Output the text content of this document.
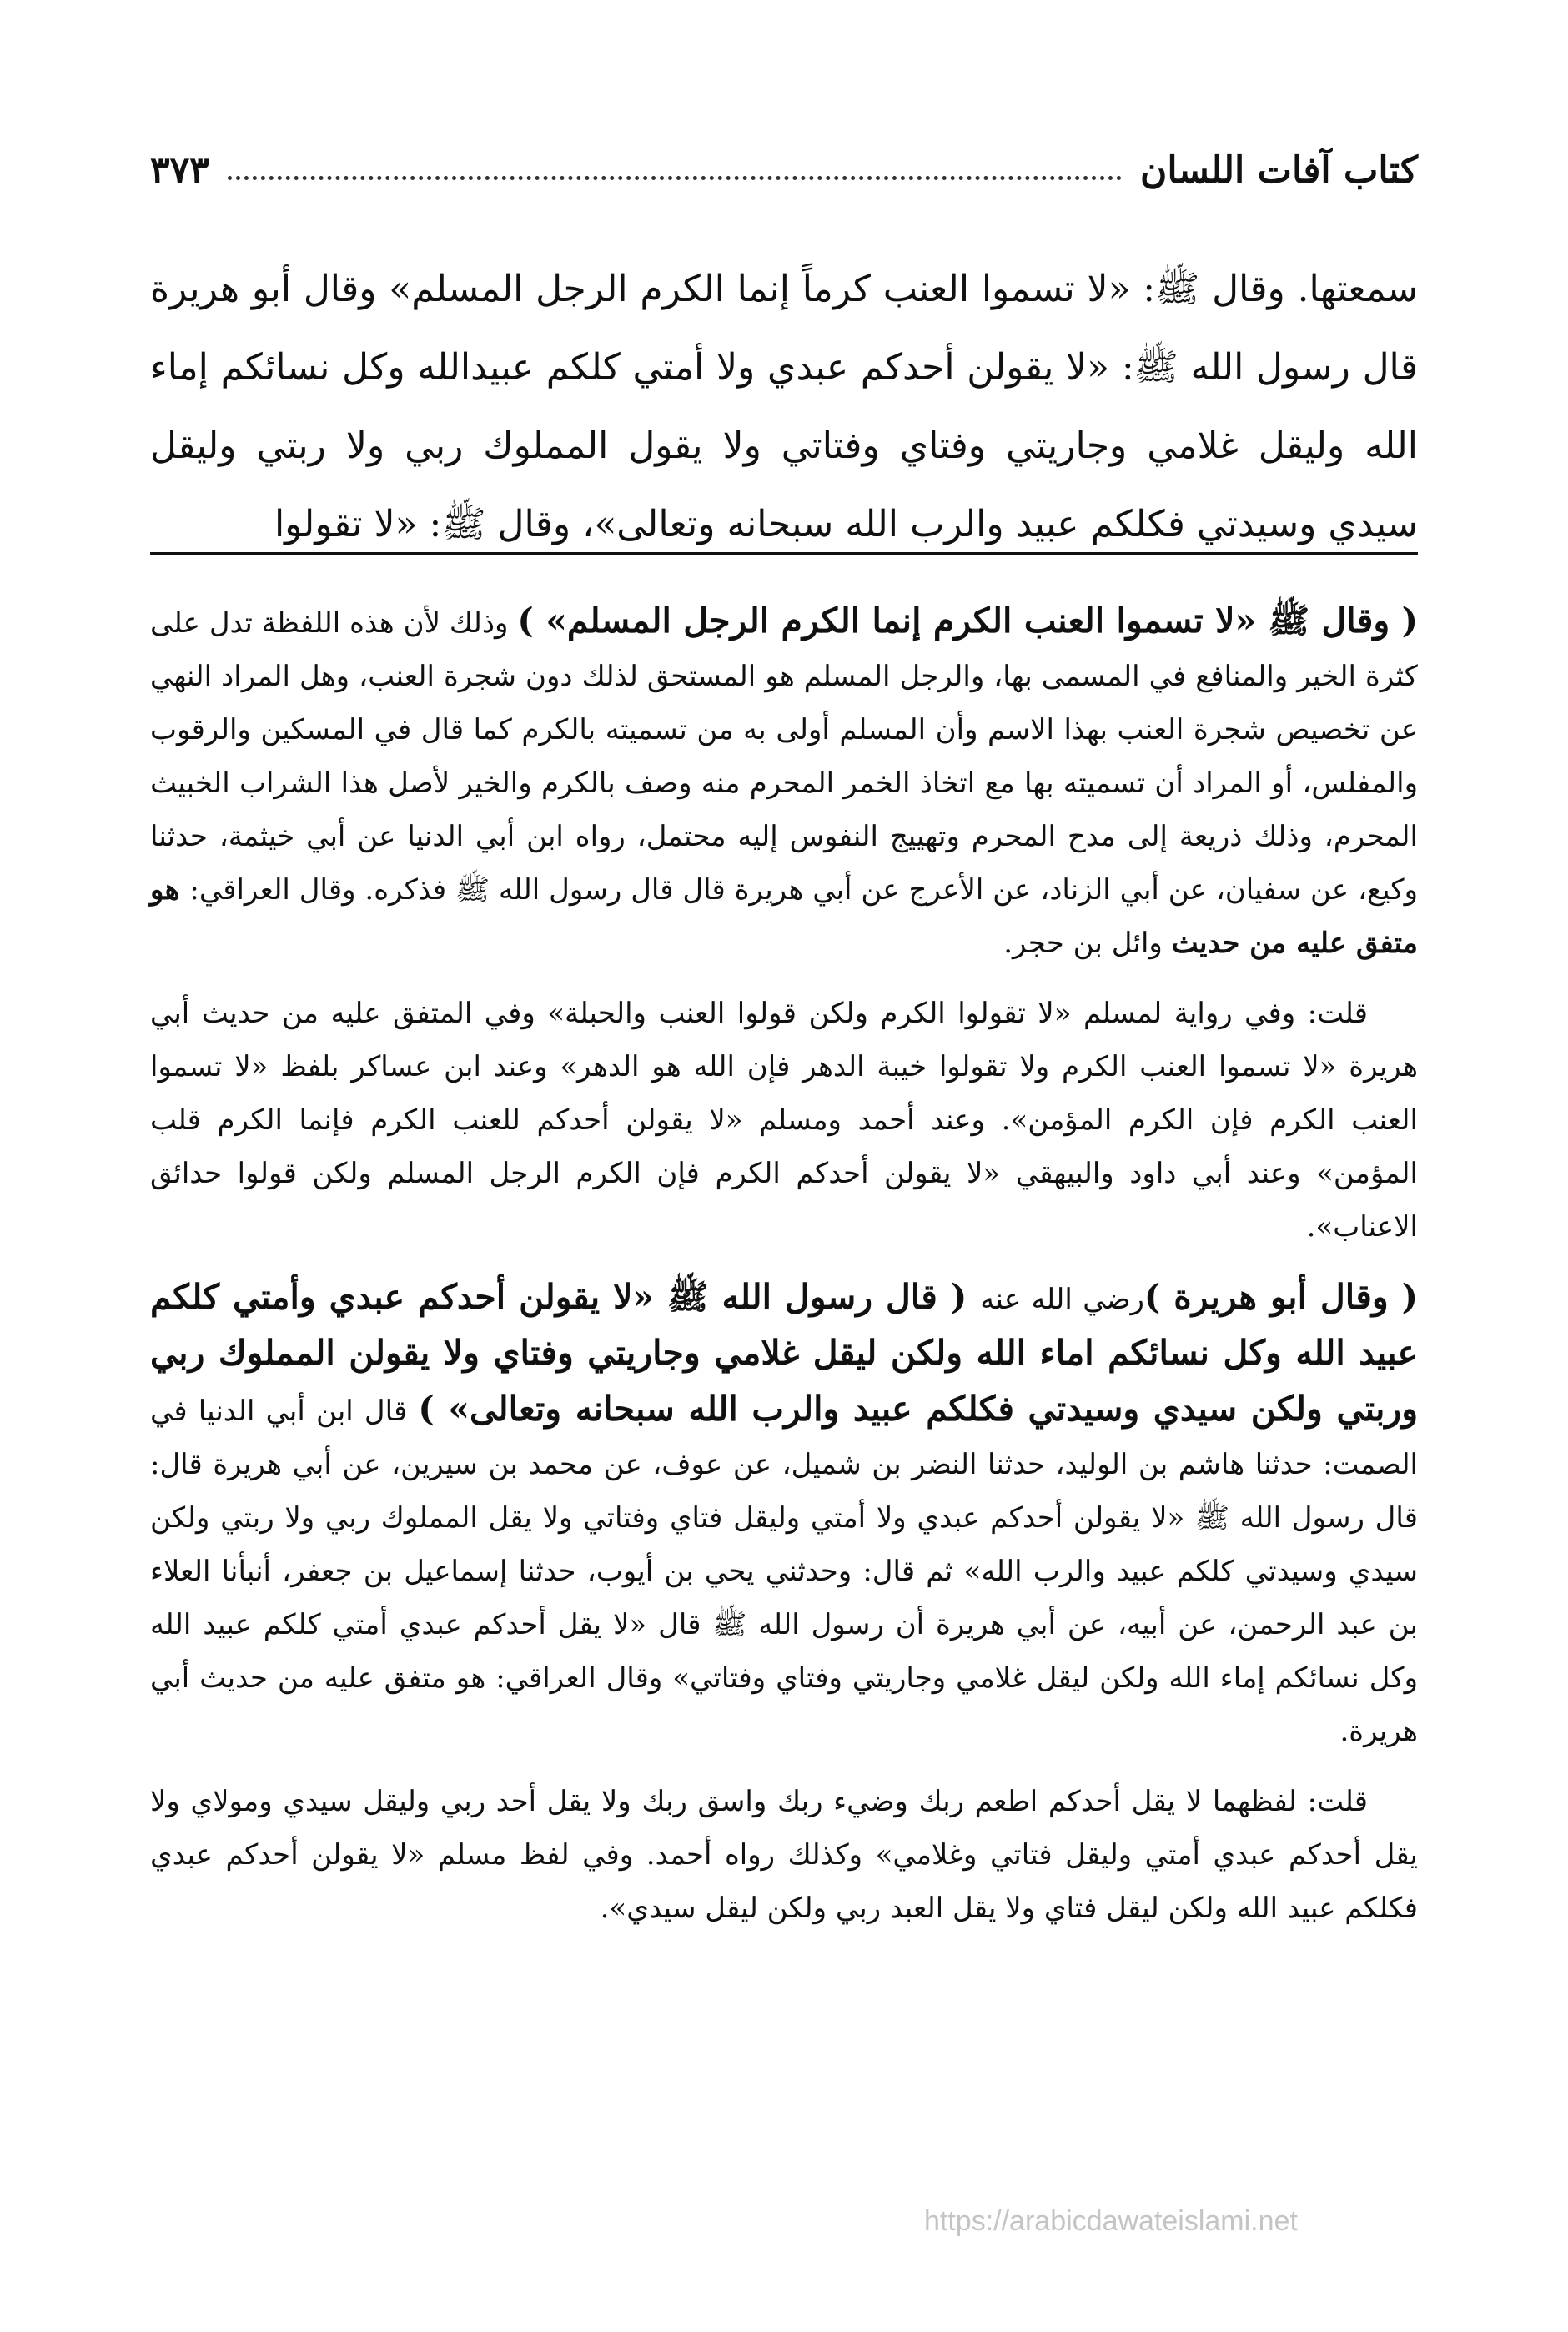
كتاب آفات اللسان
٣٧٣
سمعتها. وقال ﷺ: «لا تسموا العنب كرماً إنما الكرم الرجل المسلم» وقال أبو هريرة قال رسول الله ﷺ: «لا يقولن أحدكم عبدي ولا أمتي كلكم عبيدالله وكل نسائكم إماء الله وليقل غلامي وجاريتي وفتاي وفتاتي ولا يقول المملوك ربي ولا ربتي وليقل سيدي وسيدتي فكلكم عبيد والرب الله سبحانه وتعالى»، وقال ﷺ: «لا تقولوا

( وقال ﷺ «لا تسموا العنب الكرم إنما الكرم الرجل المسلم» ) وذلك لأن هذه اللفظة تدل على كثرة الخير والمنافع في المسمى بها، والرجل المسلم هو المستحق لذلك دون شجرة العنب، وهل المراد النهي عن تخصيص شجرة العنب بهذا الاسم وأن المسلم أولى به من تسميته بالكرم كما قال في المسكين والرقوب والمفلس، أو المراد أن تسميته بها مع اتخاذ الخمر المحرم منه وصف بالكرم والخير لأصل هذا الشراب الخبيث المحرم، وذلك ذريعة إلى مدح المحرم وتهييج النفوس إليه محتمل، رواه ابن أبي الدنيا عن أبي خيثمة، حدثنا وكيع، عن سفيان، عن أبي الزناد، عن الأعرج عن أبي هريرة قال قال رسول الله ﷺ فذكره. وقال العراقي: هو متفق عليه من حديث وائل بن حجر.

قلت: وفي رواية لمسلم «لا تقولوا الكرم ولكن قولوا العنب والحبلة» وفي المتفق عليه من حديث أبي هريرة «لا تسموا العنب الكرم ولا تقولوا خيبة الدهر فإن الله هو الدهر» وعند ابن عساكر بلفظ «لا تسموا العنب الكرم فإن الكرم المؤمن». وعند أحمد ومسلم «لا يقولن أحدكم للعنب الكرم فإنما الكرم قلب المؤمن» وعند أبي داود والبيهقي «لا يقولن أحدكم الكرم فإن الكرم الرجل المسلم ولكن قولوا حدائق الاعناب».

( وقال أبو هريرة )رضي الله عنه ( قال رسول الله ﷺ «لا يقولن أحدكم عبدي وأمتي كلكم عبيد الله وكل نسائكم اماء الله ولكن ليقل غلامي وجاريتي وفتاي ولا يقولن المملوك ربي وربتي ولكن سيدي وسيدتي فكلكم عبيد والرب الله سبحانه وتعالى» ) قال ابن أبي الدنيا في الصمت: حدثنا هاشم بن الوليد، حدثنا النضر بن شميل، عن عوف، عن محمد بن سيرين، عن أبي هريرة قال: قال رسول الله ﷺ «لا يقولن أحدكم عبدي ولا أمتي وليقل فتاي وفتاتي ولا يقل المملوك ربي ولا ربتي ولكن سيدي وسيدتي كلكم عبيد والرب الله» ثم قال: وحدثني يحي بن أيوب، حدثنا إسماعيل بن جعفر، أنبأنا العلاء بن عبد الرحمن، عن أبيه، عن أبي هريرة أن رسول الله ﷺ قال «لا يقل أحدكم عبدي أمتي كلكم عبيد الله وكل نسائكم إماء الله ولكن ليقل غلامي وجاريتي وفتاي وفتاتي» وقال العراقي: هو متفق عليه من حديث أبي هريرة.

قلت: لفظهما لا يقل أحدكم اطعم ربك وضيء ربك واسق ربك ولا يقل أحد ربي وليقل سيدي ومولاي ولا يقل أحدكم عبدي أمتي وليقل فتاتي وغلامي» وكذلك رواه أحمد. وفي لفظ مسلم «لا يقولن أحدكم عبدي فكلكم عبيد الله ولكن ليقل فتاي ولا يقل العبد ربي ولكن ليقل سيدي».

https://arabicdawateislami.net
